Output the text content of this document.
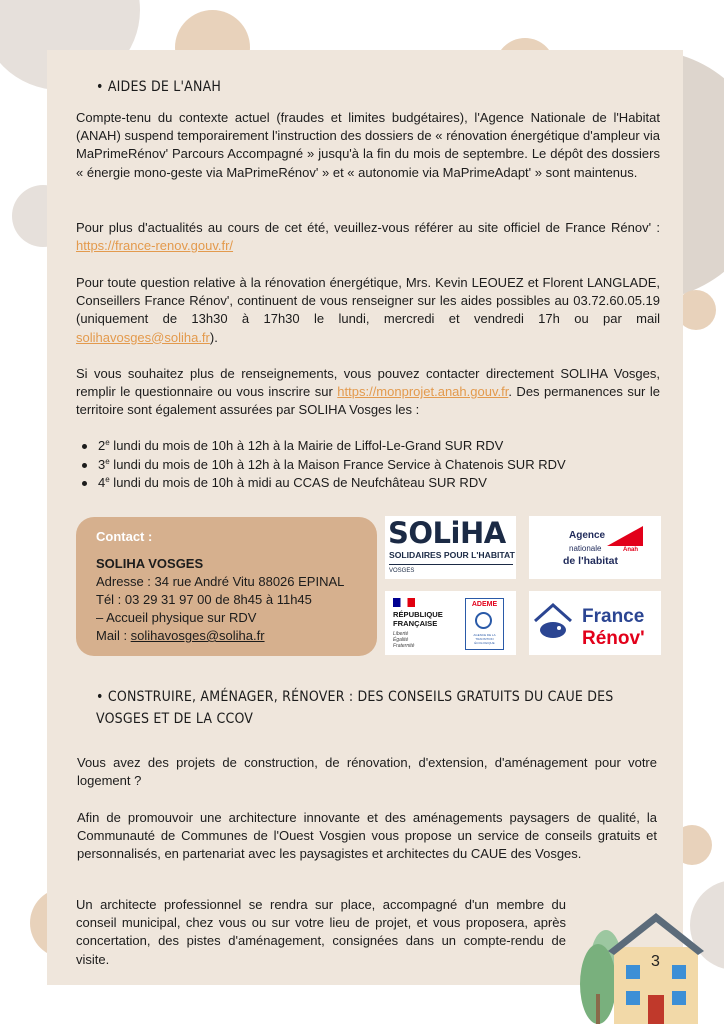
• AIDES DE L'ANAH

Compte-tenu du contexte actuel (fraudes et limites budgétaires), l'Agence Nationale de l'Habitat (ANAH) suspend temporairement l'instruction des dossiers de « rénovation énergétique d'ampleur via MaPrimeRénov' Parcours Accompagné » jusqu'à la fin du mois de septembre. Le dépôt des dossiers « énergie mono-geste via MaPrimeRénov' » et « autonomie via MaPrimeAdapt' » sont maintenus.

Pour plus d'actualités au cours de cet été, veuillez-vous référer au site officiel de France Rénov' : https://france-renov.gouv.fr/

Pour toute question relative à la rénovation énergétique, Mrs. Kevin LEOUEZ et Florent LANGLADE, Conseillers France Rénov', continuent de vous renseigner sur les aides possibles au 03.72.60.05.19 (uniquement de 13h30 à 17h30 le lundi, mercredi et vendredi 17h ou par mail solihavosges@soliha.fr).

Si vous souhaitez plus de renseignements, vous pouvez contacter directement SOLIHA Vosges, remplir le questionnaire ou vous inscrire sur https://monprojet.anah.gouv.fr. Des permanences sur le territoire sont également assurées par SOLIHA Vosges les :

2e lundi du mois de 10h à 12h à la Mairie de Liffol-Le-Grand SUR RDV
3e lundi du mois de 10h à 12h à la Maison France Service à Chatenois SUR RDV
4e lundi du mois de 10h à midi au CCAS de Neufchâteau SUR RDV
Contact :
SOLIHA VOSGES
Adresse : 34 rue André Vitu 88026 EPINAL
Tél : 03 29 31 97 00 de 8h45 à 11h45
– Accueil physique sur RDV
Mail : solihavosges@soliha.fr
SOLiHA
SOLIDAIRES POUR L'HABITAT
VOSGES
Agence
nationale	Anah
de l'habitat
RÉPUBLIQUE
FRANÇAISE
Liberté
Égalité
Fraternité
ADEME
AGENCE DE LA TRANSITION ÉCOLOGIQUE
France
Rénov'
• CONSTRUIRE, AMÉNAGER, RÉNOVER : DES CONSEILS GRATUITS DU CAUE DES VOSGES ET DE LA CCOV

Vous avez des projets de construction, de rénovation, d'extension, d'aménagement pour votre logement ?

Afin de promouvoir une architecture innovante et des aménagements paysagers de qualité, la Communauté de Communes de l'Ouest Vosgien vous propose un service de conseils gratuits et personnalisés, en partenariat avec les paysagistes et architectes du CAUE des Vosges.

Un architecte professionnel se rendra sur place, accompagné d'un membre du conseil municipal, chez vous ou sur votre lieu de projet, et vous proposera, après concertation, des pistes d'aménagement, consignées dans un compte-rendu de visite.	3
